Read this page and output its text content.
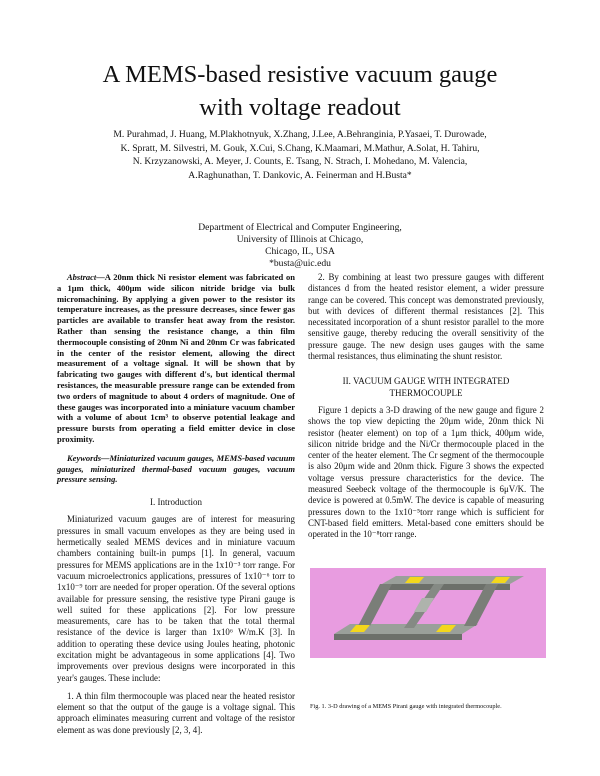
A MEMS-based resistive vacuum gauge
with voltage readout
M. Purahmad, J. Huang, M.Plakhotnyuk, X.Zhang, J.Lee, A.Behranginia, P.Yasaei, T. Durowade,
K. Spratt, M. Silvestri, M. Gouk, X.Cui, S.Chang, K.Maamari, M.Mathur, A.Solat, H. Tahiru,
N. Krzyzanowski, A. Meyer, J. Counts, E. Tsang, N. Strach, I. Mohedano, M. Valencia,
A.Raghunathan, T. Dankovic, A. Feinerman and H.Busta*
Department of Electrical and Computer Engineering,
University of Illinois at Chicago,
Chicago, IL, USA
*busta@uic.edu

Abstract—A 20nm thick Ni resistor element was fabricated on a 1μm thick, 400μm wide silicon nitride bridge via bulk micromachining. By applying a given power to the resistor its temperature increases, as the pressure decreases, since fewer gas particles are available to transfer heat away from the resistor. Rather than sensing the resistance change, a thin film thermocouple consisting of 20nm Ni and 20nm Cr was fabricated in the center of the resistor element, allowing the direct measurement of a voltage signal. It will be shown that by fabricating two gauges with different d's, but identical thermal resistances, the measurable pressure range can be extended from two orders of magnitude to about 4 orders of magnitude. One of these gauges was incorporated into a miniature vacuum chamber with a volume of about 1cm³ to observe potential leakage and pressure bursts from operating a field emitter device in close proximity.

Keywords—Miniaturized vacuum gauges, MEMS-based vacuum gauges, miniaturized thermal-based vacuum gauges, vacuum pressure sensing.

I. Introduction

Miniaturized vacuum gauges are of interest for measuring pressures in small vacuum envelopes as they are being used in hermetically sealed MEMS devices and in miniature vacuum chambers containing built-in pumps [1]. In general, vacuum pressures for MEMS applications are in the 1x10⁻³ torr range. For vacuum microelectronics applications, pressures of 1x10⁻⁶ torr to 1x10⁻⁹ torr are needed for proper operation. Of the several options available for pressure sensing, the resistive type Pirani gauge is well suited for these applications [2]. For low pressure measurements, care has to be taken that the total thermal resistance of the device is larger than 1x10⁶ W/m.K [3]. In addition to operating these device using Joules heating, photonic excitation might be advantageous in some applications [4]. Two improvements over previous designs were incorporated in this year's gauges. These include:

1. A thin film thermocouple was placed near the heated resistor element so that the output of the gauge is a voltage signal. This approach eliminates measuring current and voltage of the resistor element as was done previously [2, 3, 4].

2. By combining at least two pressure gauges with different distances d from the heated resistor element, a wider pressure range can be covered. This concept was demonstrated previously, but with devices of different thermal resistances [2]. This necessitated incorporation of a shunt resistor parallel to the more sensitive gauge, thereby reducing the overall sensitivity of the pressure gauge. The new design uses gauges with the same thermal resistances, thus eliminating the shunt resistor.

II. VACUUM GAUGE WITH INTEGRATED
THERMOCOUPLE

Figure 1 depicts a 3-D drawing of the new gauge and figure 2 shows the top view depicting the 20μm wide, 20nm thick Ni resistor (heater element) on top of a 1μm thick, 400μm wide, silicon nitride bridge and the Ni/Cr thermocouple placed in the center of the heater element. The Cr segment of the thermocouple is also 20μm wide and 20nm thick. Figure 3 shows the expected voltage versus pressure characteristics for the device. The measured Seebeck voltage of the thermocouple is 6μV/K. The device is powered at 0.5mW. The device is capable of measuring pressures down to the 1x10⁻⁵torr range which is sufficient for CNT-based field emitters. Metal-based cone emitters should be operated in the 10⁻⁸torr range.

Fig. 1. 3-D drawing of a MEMS Pirani gauge with integrated thermocouple.
